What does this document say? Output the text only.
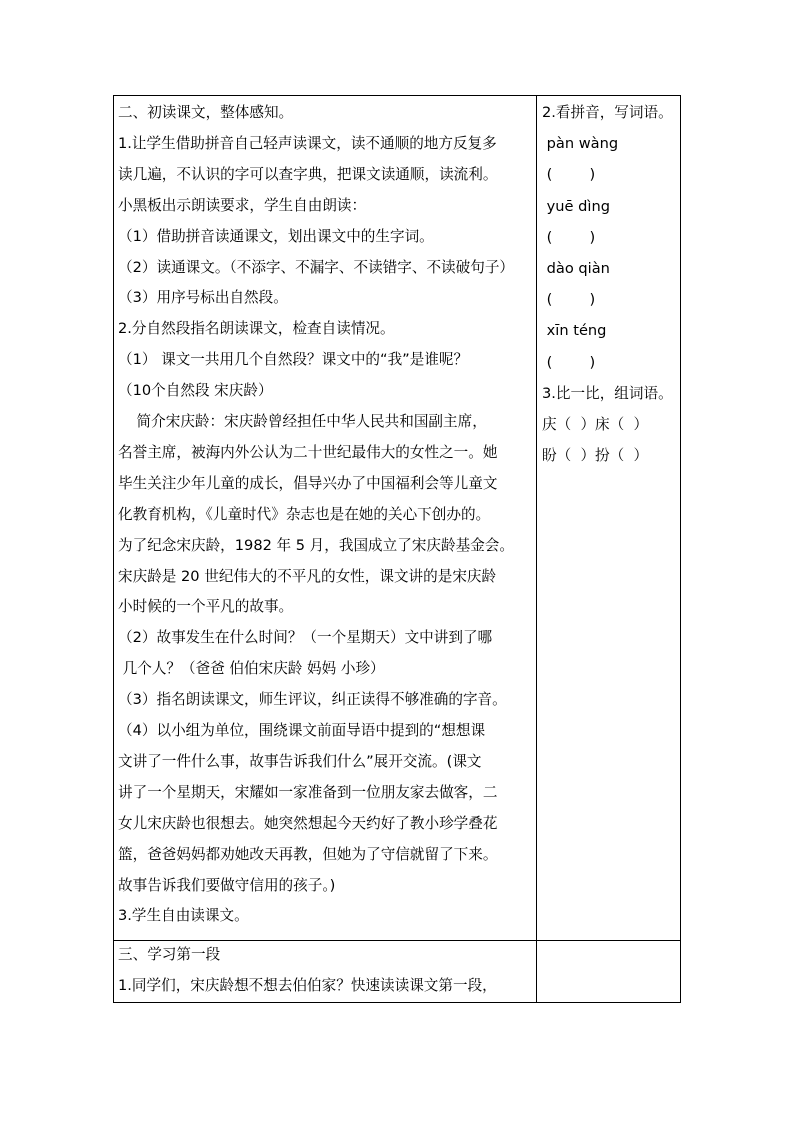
二、初读课文，整体感知。
1.让学生借助拼音自己轻声读课文，读不通顺的地方反复多
读几遍，不认识的字可以查字典，把课文读通顺，读流利。
小黑板出示朗读要求，学生自由朗读：
（1）借助拼音读通课文，划出课文中的生字词。
（2）读通课文。（不添字、不漏字、不读错字、不读破句子）
（3）用序号标出自然段。
2.分自然段指名朗读课文，检查自读情况。
（1） 课文一共用几个自然段？课文中的“我”是谁呢？
（10个自然段 宋庆龄）
简介宋庆龄：宋庆龄曾经担任中华人民共和国副主席，
名誉主席，被海内外公认为二十世纪最伟大的女性之一。她
毕生关注少年儿童的成长，倡导兴办了中国福利会等儿童文
化教育机构，《儿童时代》杂志也是在她的关心下创办的。
为了纪念宋庆龄，1982 年 5 月，我国成立了宋庆龄基金会。
宋庆龄是 20 世纪伟大的不平凡的女性，课文讲的是宋庆龄
小时候的一个平凡的故事。
（2）故事发生在什么时间？（一个星期天）文中讲到了哪
几个人？（爸爸 伯伯宋庆龄 妈妈 小珍）
（3）指名朗读课文，师生评议，纠正读得不够准确的字音。
（4）以小组为单位，围绕课文前面导语中提到的“想想课
文讲了一件什么事，故事告诉我们什么”展开交流。(课文
讲了一个星期天，宋耀如一家准备到一位朋友家去做客，二
女儿宋庆龄也很想去。她突然想起今天约好了教小珍学叠花
篮，爸爸妈妈都劝她改天再教，但她为了守信就留了下来。
故事告诉我们要做守信用的孩子。)
3.学生自由读课文。
三、学习第一段
1.同学们，宋庆龄想不想去伯伯家？快速读读课文第一段，
2.看拼音，写词语。
pàn wàng
(        )
yuē dìng
(        )
dào qiàn
(        )
xīn téng
(        )
3.比一比，组词语。
庆（  ）床（  ）
盼（  ）扮（  ）
